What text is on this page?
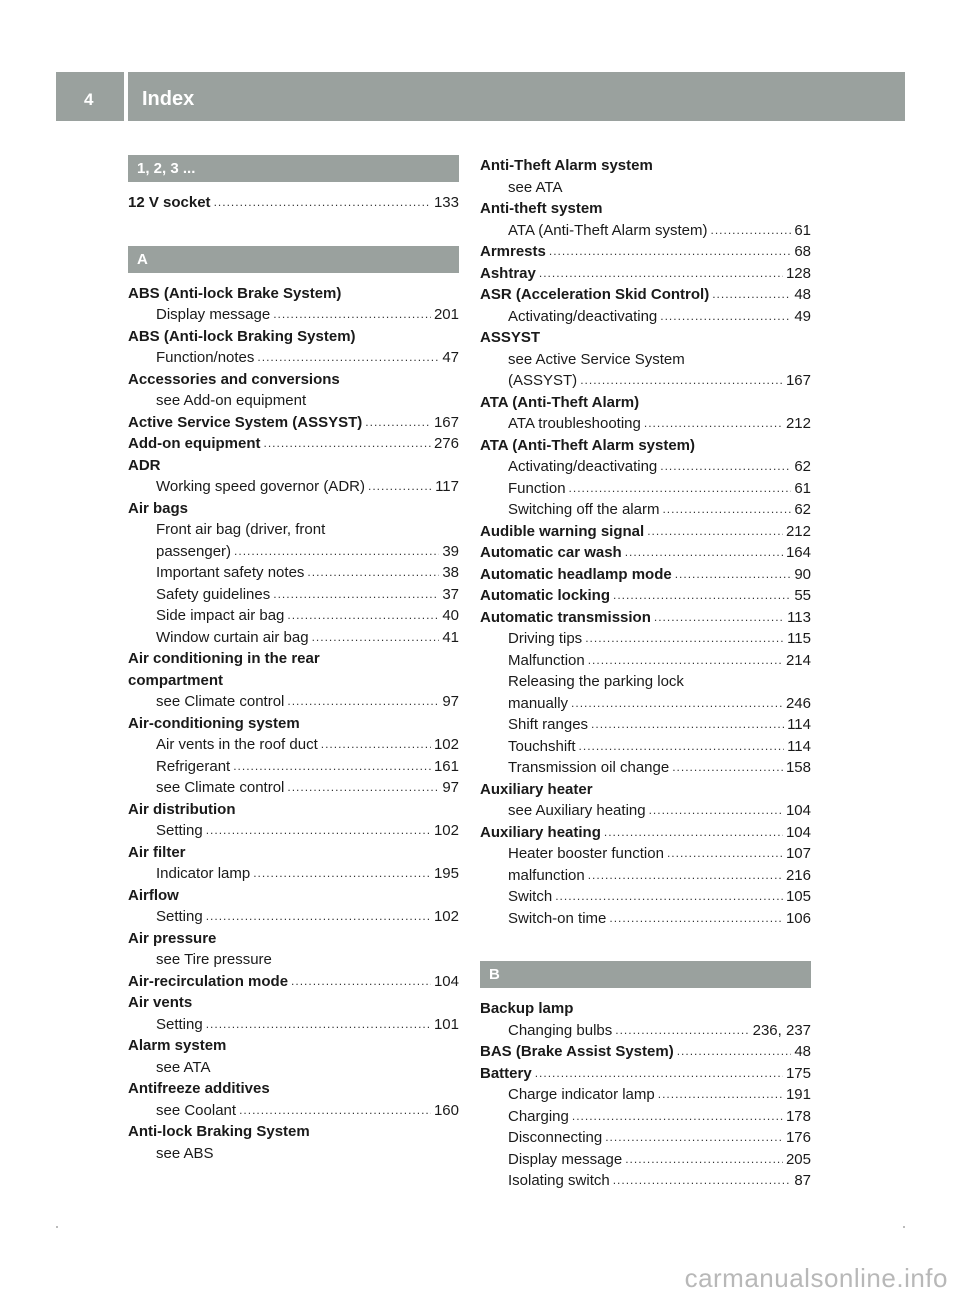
4	Index
1, 2, 3 ...
12 V socket .....	133
A
ABS (Anti-lock Brake System)
Display message .....	201
ABS (Anti-lock Braking System)
Function/notes .....	47
Accessories and conversions
see Add-on equipment
Active Service System (ASSYST) .....	167
Add-on equipment .....	276
ADR
Working speed governor (ADR) .....	117
Air bags
Front air bag (driver, front
passenger) .....	39
Important safety notes .....	38
Safety guidelines .....	37
Side impact air bag .....	40
Window curtain air bag .....	41
Air conditioning in the rear
compartment
see Climate control .....	97
Air-conditioning system
Air vents in the roof duct .....	102
Refrigerant .....	161
see Climate control .....	97
Air distribution
Setting .....	102
Air filter
Indicator lamp .....	195
Airflow
Setting .....	102
Air pressure
see Tire pressure
Air-recirculation mode .....	104
Air vents
Setting .....	101
Alarm system
see ATA
Antifreeze additives
see Coolant .....	160
Anti-lock Braking System
see ABS
Anti-Theft Alarm system
see ATA
Anti-theft system
ATA (Anti-Theft Alarm system) .....	61
Armrests .....	68
Ashtray .....	128
ASR (Acceleration Skid Control) .....	48
Activating/deactivating .....	49
ASSYST
see Active Service System
(ASSYST) .....	167
ATA (Anti-Theft Alarm)
ATA troubleshooting .....	212
ATA (Anti-Theft Alarm system)
Activating/deactivating .....	62
Function .....	61
Switching off the alarm .....	62
Audible warning signal .....	212
Automatic car wash .....	164
Automatic headlamp mode .....	90
Automatic locking .....	55
Automatic transmission .....	113
Driving tips .....	115
Malfunction .....	214
Releasing the parking lock
manually .....	246
Shift ranges .....	114
Touchshift .....	114
Transmission oil change .....	158
Auxiliary heater
see Auxiliary heating .....	104
Auxiliary heating .....	104
Heater booster function .....	107
malfunction .....	216
Switch .....	105
Switch-on time .....	106
B
Backup lamp
Changing bulbs .....	236, 237
BAS (Brake Assist System) .....	48
Battery .....	175
Charge indicator lamp .....	191
Charging .....	178
Disconnecting .....	176
Display message .....	205
Isolating switch .....	87
carmanualsonline.info
